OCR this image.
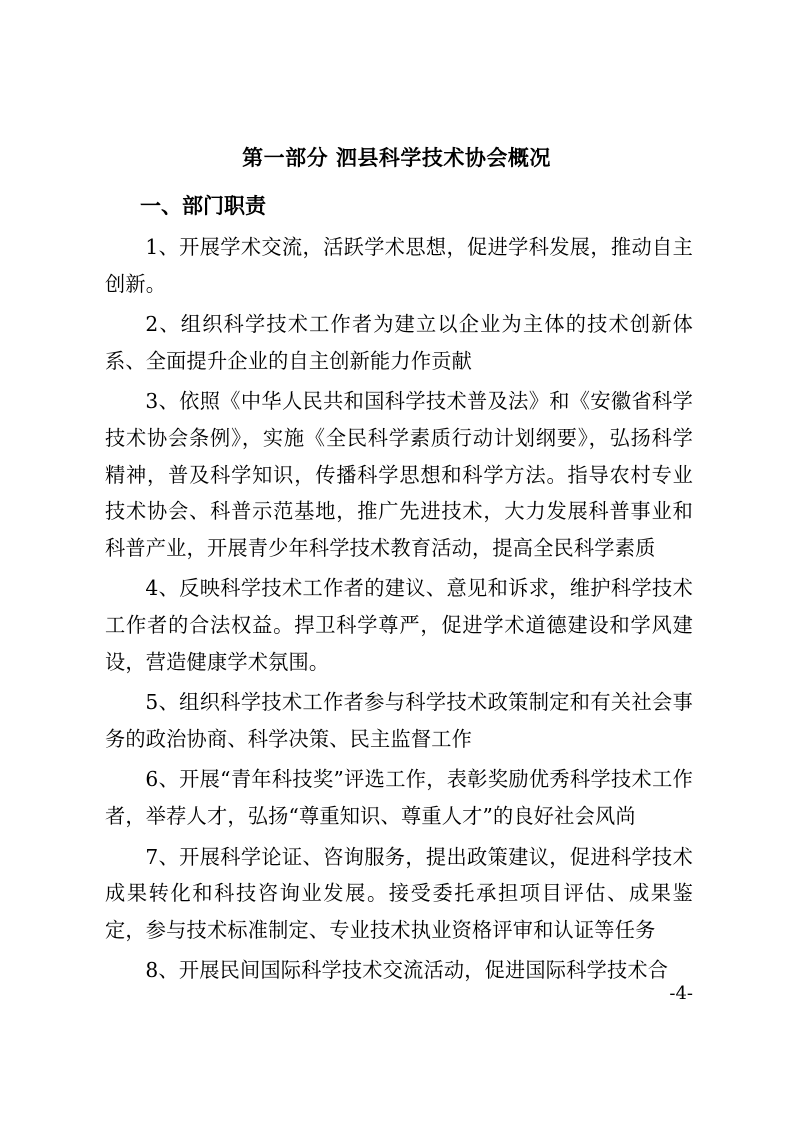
第一部分 泗县科学技术协会概况
一、部门职责

1、开展学术交流，活跃学术思想，促进学科发展，推动自主创新。

2、组织科学技术工作者为建立以企业为主体的技术创新体系、全面提升企业的自主创新能力作贡献

3、依照《中华人民共和国科学技术普及法》和《安徽省科学技术协会条例》，实施《全民科学素质行动计划纲要》，弘扬科学精神，普及科学知识，传播科学思想和科学方法。指导农村专业技术协会、科普示范基地，推广先进技术，大力发展科普事业和科普产业，开展青少年科学技术教育活动，提高全民科学素质

4、反映科学技术工作者的建议、意见和诉求，维护科学技术工作者的合法权益。捍卫科学尊严，促进学术道德建设和学风建设，营造健康学术氛围。

5、组织科学技术工作者参与科学技术政策制定和有关社会事务的政治协商、科学决策、民主监督工作

6、开展“青年科技奖”评选工作，表彰奖励优秀科学技术工作者，举荐人才，弘扬“尊重知识、尊重人才”的良好社会风尚

7、开展科学论证、咨询服务，提出政策建议，促进科学技术成果转化和科技咨询业发展。接受委托承担项目评估、成果鉴定，参与技术标准制定、专业技术执业资格评审和认证等任务

8、开展民间国际科学技术交流活动，促进国际科学技术合

-4-
